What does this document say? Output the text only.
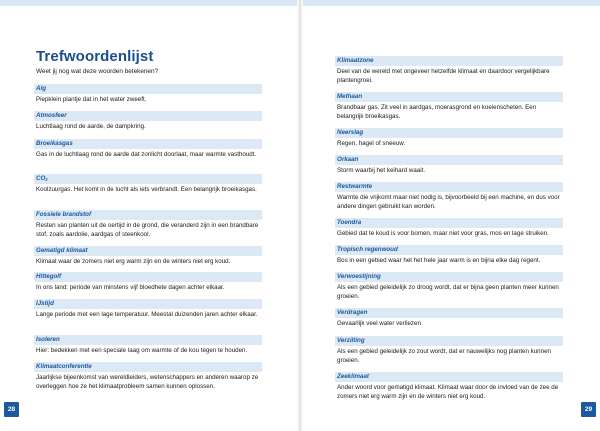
Trefwoordenlijst

Weet jij nog wat deze woorden betekenen?

Alg
Piepklein plantje dat in het water zweeft.
Atmosfeer
Luchtlaag rond de aarde, de dampkring.
Broeikasgas
Gas in de luchtlaag rond de aarde dat zonlicht doorlaat, maar warmte vasthoudt.
$CO_2$
Koolzuurgas. Het komt in de lucht als iets verbrandt. Een belangrijk broeikasgas.
Fossiele brandstof
Resten van planten uit de oertijd in de grond, die veranderd zijn in een brandbare stof, zoals aardolie, aardgas of steenkool.
Gematigd klimaat
Klimaat waar de zomers niet erg warm zijn en de winters niet erg koud.
Hittegolf
In ons land: periode van minstens vijf bloedhete dagen achter elkaar.
IJstijd
Lange periode met een lage temperatuur. Meestal duizenden jaren achter elkaar.
Isoleren
Hier: bedekken met een speciale laag om warmte of de kou tegen te houden.
Klimaatconferentie
Jaarlijkse bijeenkomst van wereldleiders, wetenschappers en anderen waarop ze overleggen hoe ze het klimaatprobleem samen kunnen oplossen.
28
Klimaatzone
Deel van de wereld met ongeveer hetzelfde klimaat en daardoor vergelijkbare plantengroei.
Methaan
Brandbaar gas. Zit veel in aardgas, moerasgrond en koeienscheten. Een belangrijk broeikasgas.
Neerslag
Regen, hagel of sneeuw.
Orkaan
Storm waarbij het keihard waait.
Restwarmte
Warmte die vrijkomt maar niet nodig is, bijvoorbeeld bij een machine, en dus voor andere dingen gebruikt kan worden.
Toendra
Gebied dat te koud is voor bomen, maar niet voor gras, mos en lage struiken.
Tropisch regenwoud
Bos in een gebied waar het het hele jaar warm is en bijna elke dag regent.
Verwoestijning
Als een gebied geleidelijk zo droog wordt, dat er bijna geen planten meer kunnen groeien.
Verdragen
Gevaarlijk veel water verliezen
Verzilting
Als een gebied geleidelijk zo zout wordt, dat er nauwelijks nog planten kunnen groeien.
Zeeklimaat
Ander woord voor gematigd klimaat. Klimaat waar door de invloed van de zee de zomers niet erg warm zijn en de winters niet erg koud.
29
